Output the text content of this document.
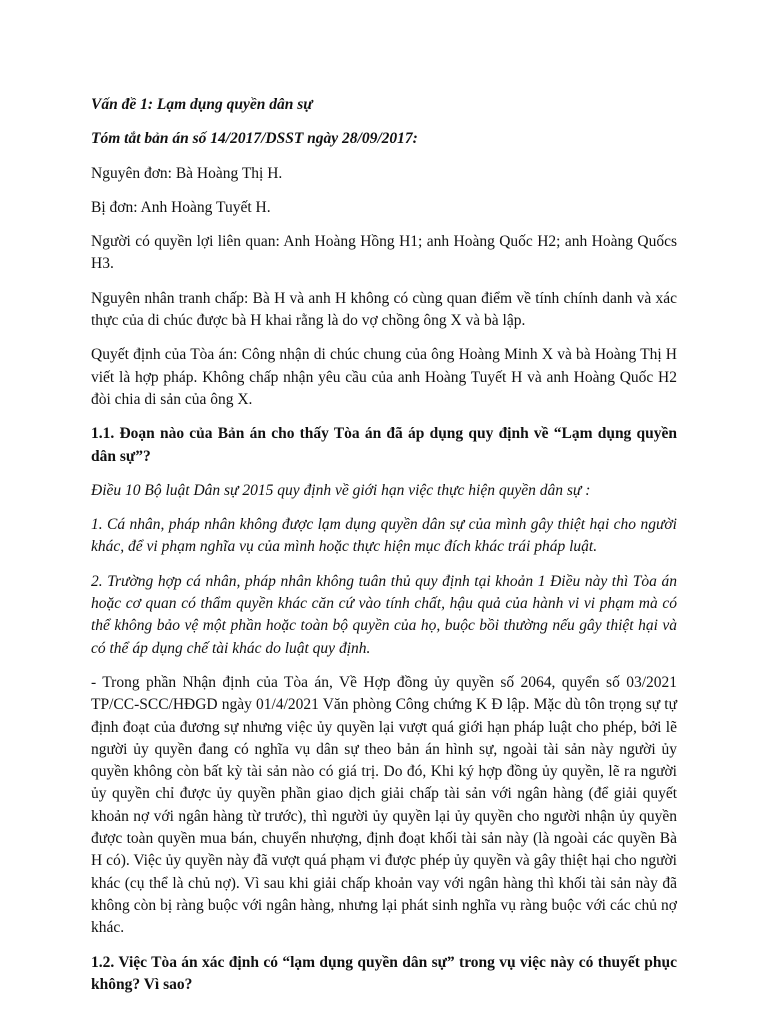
Vấn đề 1: Lạm dụng quyền dân sự

Tóm tắt bản án số 14/2017/DSST ngày 28/09/2017:

Nguyên đơn: Bà Hoàng Thị H.

Bị đơn: Anh Hoàng Tuyết H.

Người có quyền lợi liên quan: Anh Hoàng Hồng H1; anh Hoàng Quốc H2; anh Hoàng Quốcs H3.

Nguyên nhân tranh chấp: Bà H và anh H không có cùng quan điểm về tính chính danh và xác thực của di chúc được bà H khai rằng là do vợ chồng ông X và bà lập.

Quyết định của Tòa án: Công nhận di chúc chung của ông Hoàng Minh X và bà Hoàng Thị H viết là hợp pháp. Không chấp nhận yêu cầu của anh Hoàng Tuyết H và anh Hoàng Quốc H2 đòi chia di sản của ông X.

1.1. Đoạn nào của Bản án cho thấy Tòa án đã áp dụng quy định về “Lạm dụng quyền dân sự”?

Điều 10 Bộ luật Dân sự 2015 quy định về giới hạn việc thực hiện quyền dân sự :

1. Cá nhân, pháp nhân không được lạm dụng quyền dân sự của mình gây thiệt hại cho người khác, để vi phạm nghĩa vụ của mình hoặc thực hiện mục đích khác trái pháp luật.

2. Trường hợp cá nhân, pháp nhân không tuân thủ quy định tại khoản 1 Điều này thì Tòa án hoặc cơ quan có thẩm quyền khác căn cứ vào tính chất, hậu quả của hành vi vi phạm mà có thể không bảo vệ một phần hoặc toàn bộ quyền của họ, buộc bồi thường nếu gây thiệt hại và có thể áp dụng chế tài khác do luật quy định.

- Trong phần Nhận định của Tòa án, Về Hợp đồng ủy quyền số 2064, quyển số 03/2021 TP/CC-SCC/HĐGD ngày 01/4/2021 Văn phòng Công chứng K Đ lập. Mặc dù tôn trọng sự tự định đoạt của đương sự nhưng việc ủy quyền lại vượt quá giới hạn pháp luật cho phép, bởi lẽ người ủy quyền đang có nghĩa vụ dân sự theo bản án hình sự, ngoài tài sản này người ủy quyền không còn bất kỳ tài sản nào có giá trị. Do đó, Khi ký hợp đồng ủy quyền, lẽ ra người ủy quyền chỉ được ủy quyền phần giao dịch giải chấp tài sản với ngân hàng (để giải quyết khoản nợ với ngân hàng từ trước), thì người ủy quyền lại ủy quyền cho người nhận ủy quyền được toàn quyền mua bán, chuyển nhượng, định đoạt khối tài sản này (là ngoài các quyền Bà H có). Việc ủy quyền này đã vượt quá phạm vi được phép ủy quyền và gây thiệt hại cho người khác (cụ thể là chủ nợ). Vì sau khi giải chấp khoản vay với ngân hàng thì khối tài sản này đã không còn bị ràng buộc với ngân hàng, nhưng lại phát sinh nghĩa vụ ràng buộc với các chủ nợ khác.

1.2. Việc Tòa án xác định có “lạm dụng quyền dân sự” trong vụ việc này có thuyết phục không? Vì sao?
